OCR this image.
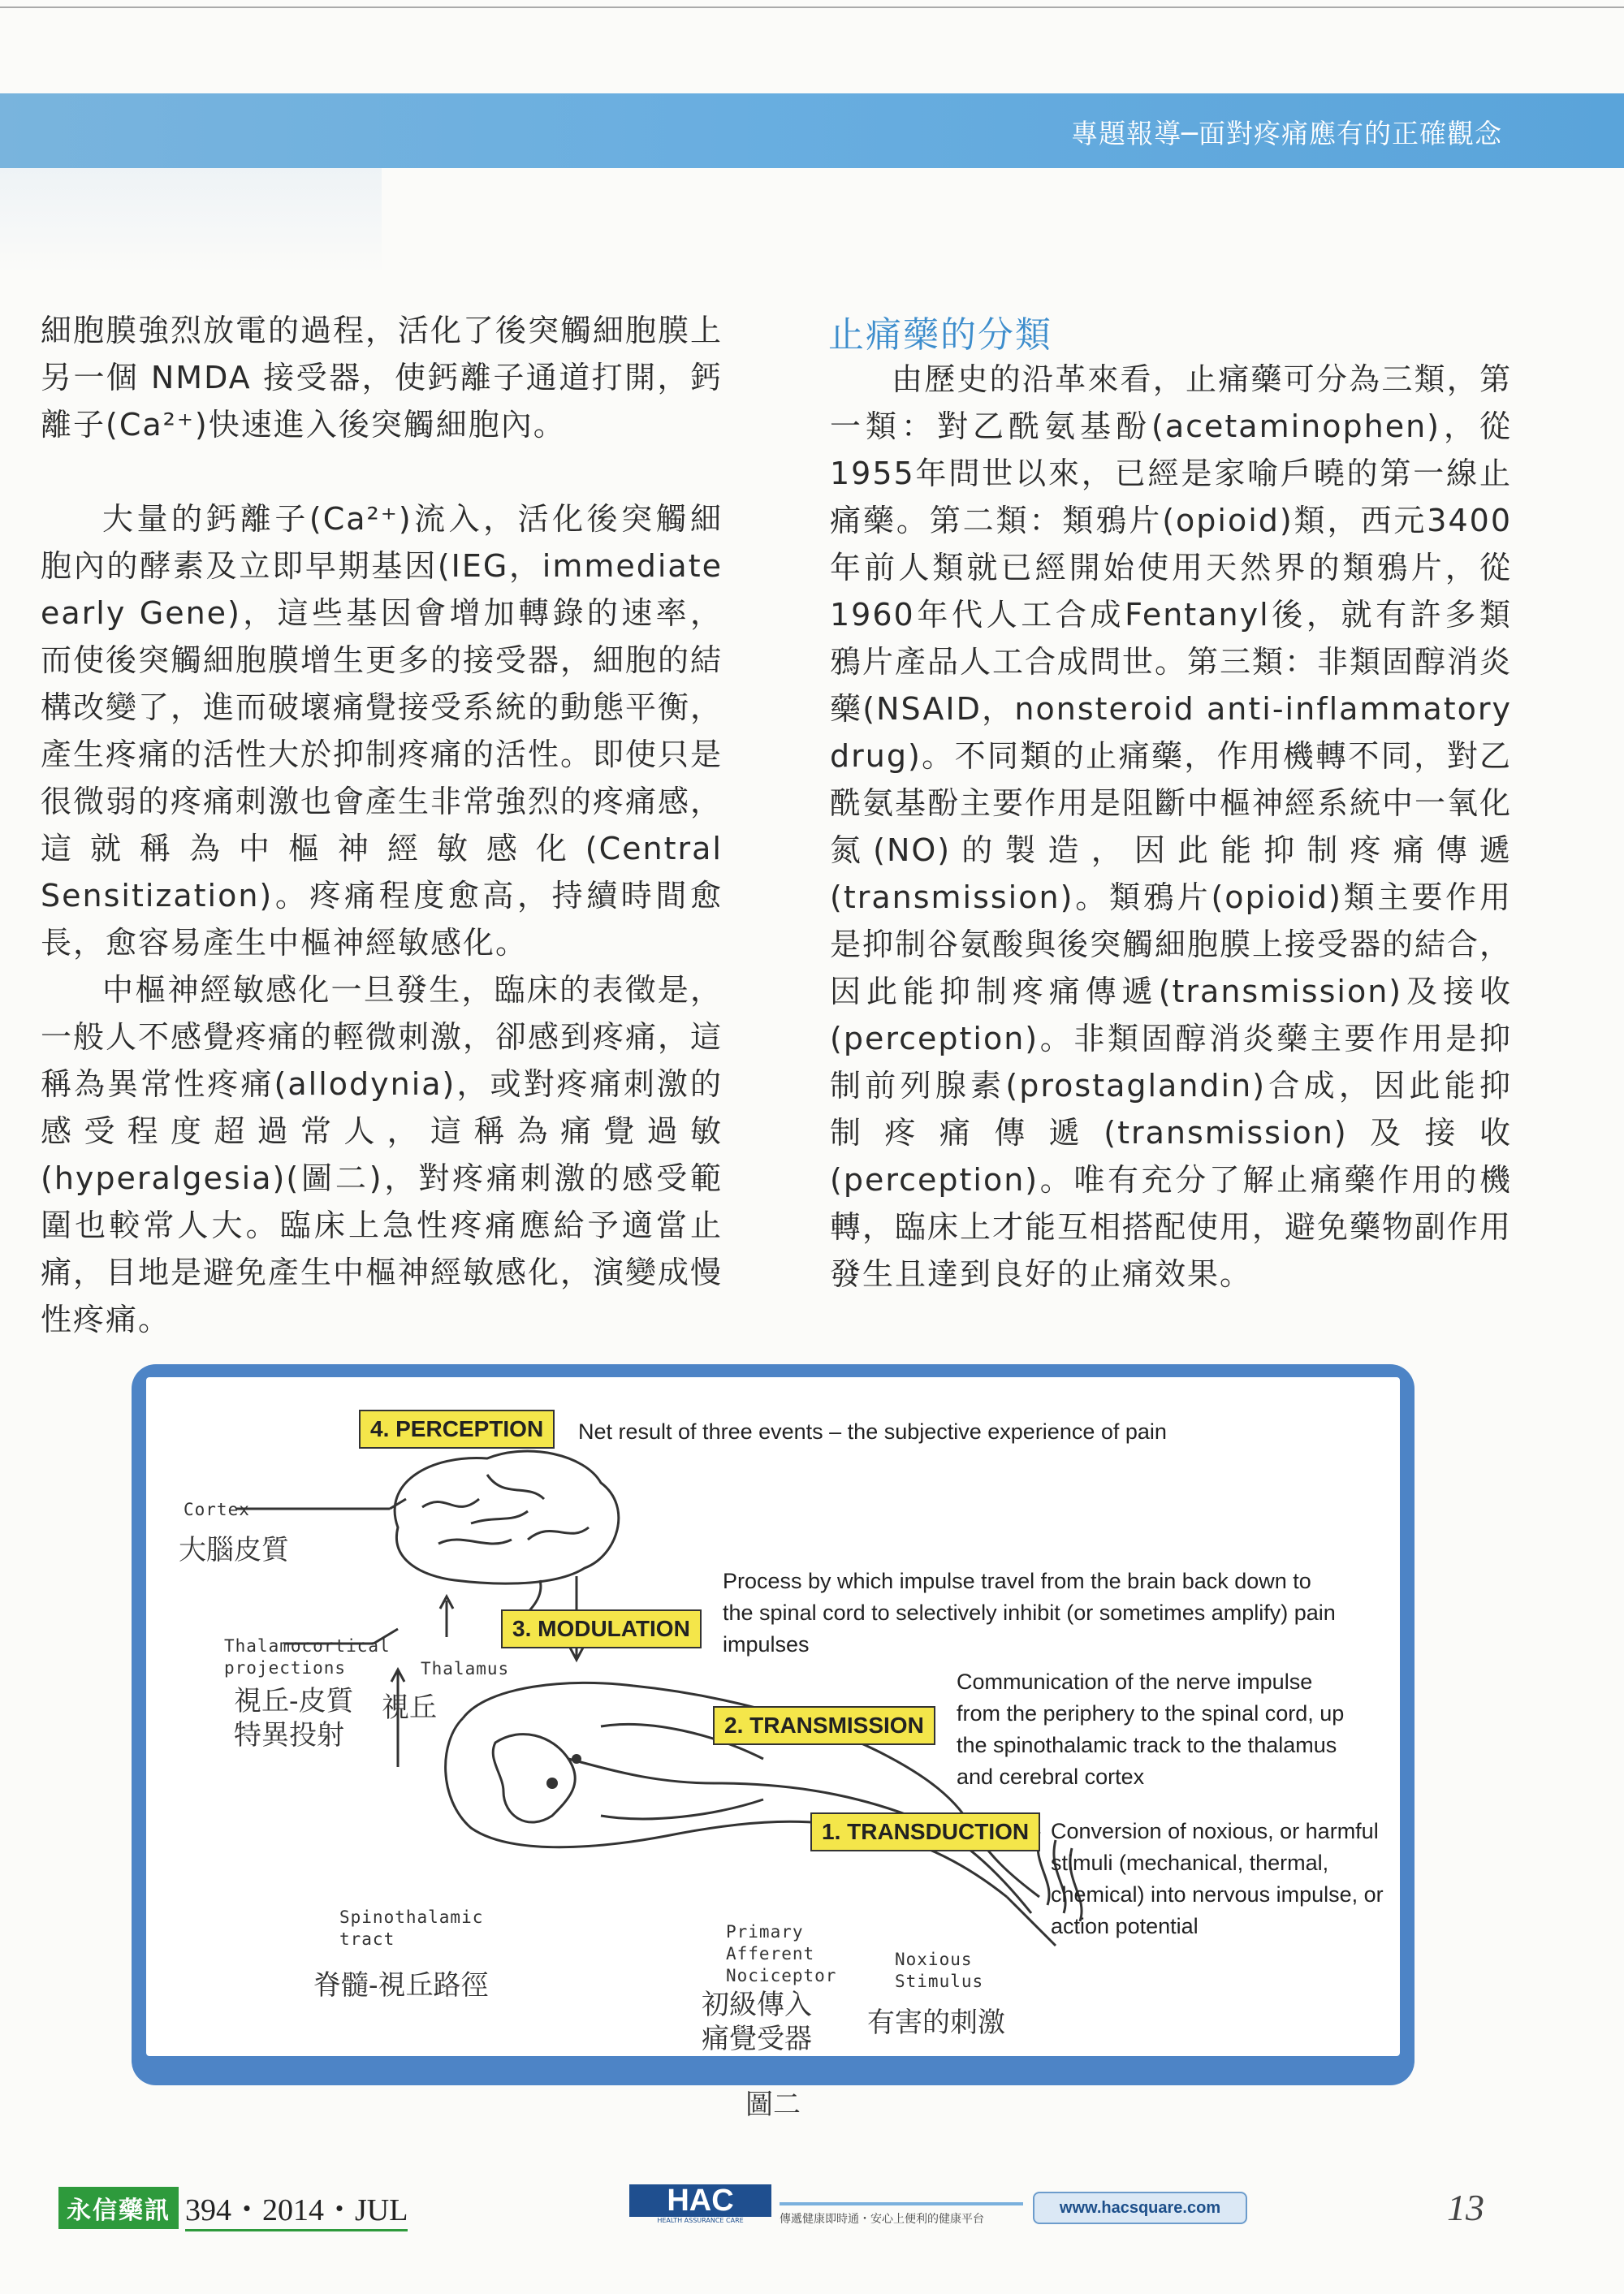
專題報導─面對疼痛應有的正確觀念

細胞膜強烈放電的過程，活化了後突觸細胞膜上另一個 NMDA 接受器，使鈣離子通道打開，鈣離子(Ca²⁺)快速進入後突觸細胞內。

大量的鈣離子(Ca²⁺)流入，活化後突觸細胞內的酵素及立即早期基因(IEG，immediate early Gene)，這些基因會增加轉錄的速率，而使後突觸細胞膜增生更多的接受器，細胞的結構改變了，進而破壞痛覺接受系統的動態平衡，產生疼痛的活性大於抑制疼痛的活性。即使只是很微弱的疼痛刺激也會產生非常強烈的疼痛感，這就稱為中樞神經敏感化(Central Sensitization)。疼痛程度愈高，持續時間愈長，愈容易產生中樞神經敏感化。

中樞神經敏感化一旦發生，臨床的表徵是，一般人不感覺疼痛的輕微刺激，卻感到疼痛，這稱為異常性疼痛(allodynia)，或對疼痛刺激的感受程度超過常人，這稱為痛覺過敏(hyperalgesia)(圖二)，對疼痛刺激的感受範圍也較常人大。臨床上急性疼痛應給予適當止痛，目地是避免產生中樞神經敏感化，演變成慢性疼痛。

止痛藥的分類

由歷史的沿革來看，止痛藥可分為三類，第一類：對乙酰氨基酚(acetaminophen)，從1955年問世以來，已經是家喻戶曉的第一線止痛藥。第二類：類鴉片(opioid)類，西元3400年前人類就已經開始使用天然界的類鴉片，從1960年代人工合成Fentanyl後，就有許多類鴉片產品人工合成問世。第三類：非類固醇消炎藥(NSAID，nonsteroid anti-inflammatory drug)。不同類的止痛藥，作用機轉不同，對乙酰氨基酚主要作用是阻斷中樞神經系統中一氧化氮(NO)的製造，因此能抑制疼痛傳遞(transmission)。類鴉片(opioid)類主要作用是抑制谷氨酸與後突觸細胞膜上接受器的結合，因此能抑制疼痛傳遞(transmission)及接收(perception)。非類固醇消炎藥主要作用是抑制前列腺素(prostaglandin)合成，因此能抑制疼痛傳遞(transmission)及接收(perception)。唯有充分了解止痛藥作用的機轉，臨床上才能互相搭配使用，避免藥物副作用發生且達到良好的止痛效果。

4. PERCEPTION	Net result of three events – the subjective experience of pain
3. MODULATION
Process by which impulse travel from the brain back down to the spinal cord to selectively inhibit (or sometimes amplify) pain impulses
2. TRANSMISSION
Communication of the nerve impulse from the periphery to the spinal cord, up the spinothalamic track to the thalamus and cerebral cortex
1. TRANSDUCTION Conversion of noxious, or harmful stimuli (mechanical, thermal, chemical) into nervous impulse, or action potential
Cortex
大腦皮質
Thalamocortical projections
視丘-皮質 特異投射
Thalamus
視丘
Spinothalamic tract
脊髓-視丘路徑
Primary Afferent Nociceptor
初級傳入 痛覺受器
Noxious Stimulus
有害的刺激
圖二
永信藥訊 394・2014・JUL	HAC
HEALTH ASSURANCE CARE	傳遞健康即時通・安心上便利的健康平台
www.hacsquare.com	13
